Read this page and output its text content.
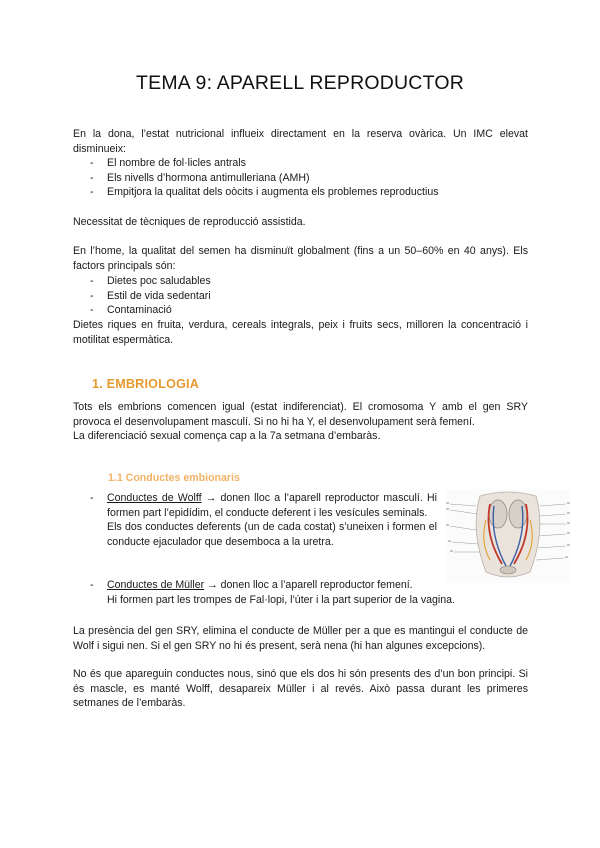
TEMA 9: APARELL REPRODUCTOR
En la dona, l’estat nutricional influeix directament en la reserva ovàrica. Un IMC elevat disminueix:
- El nombre de fol·licles antrals
- Els nivells d’hormona antimulleriana (AMH)
- Empitjora la qualitat dels oòcits i augmenta els problemes reproductius
Necessitat de tècniques de reproducció assistida.
En l’home, la qualitat del semen ha disminuït globalment (fins a un 50–60% en 40 anys). Els factors principals són:
- Dietes poc saludables
- Estil de vida sedentari
- Contaminació
Dietes riques en fruita, verdura, cereals integrals, peix i fruits secs, milloren la concentració i motilitat espermàtica.
1. EMBRIOLOGIA
Tots els embrions comencen igual (estat indiferenciat). El cromosoma Y amb el gen SRY provoca el desenvolupament masculí. Si no hi ha Y, el desenvolupament serà femení.
La diferenciació sexual comença cap a la 7a setmana d’embaràs.
1.1 Conductes embionaris
-	Conductes de Wolff → donen lloc a l’aparell reproductor masculí. Hi formen part l’epidídim, el conducte deferent i les vesícules seminals.
Els dos conductes deferents (un de cada costat) s’uneixen i formen el conducte ejaculador que desemboca a la uretra.
-	Conductes de Müller → donen lloc a l’aparell reproductor femení.
Hi formen part les trompes de Fal·lopi, l’úter i la part superior de la vagina.
La presència del gen SRY, elimina el conducte de Müller per a que es mantingui el conducte de Wolf i sigui nen. Si el gen SRY no hi és present, serà nena (hi han algunes excepcions).
No és que apareguin conductes nous, sinó que els dos hi són presents des d’un bon principi. Si és mascle, es manté Wolff, desapareix Müller i al revés. Això passa durant les primeres setmanes de l’embaràs.
